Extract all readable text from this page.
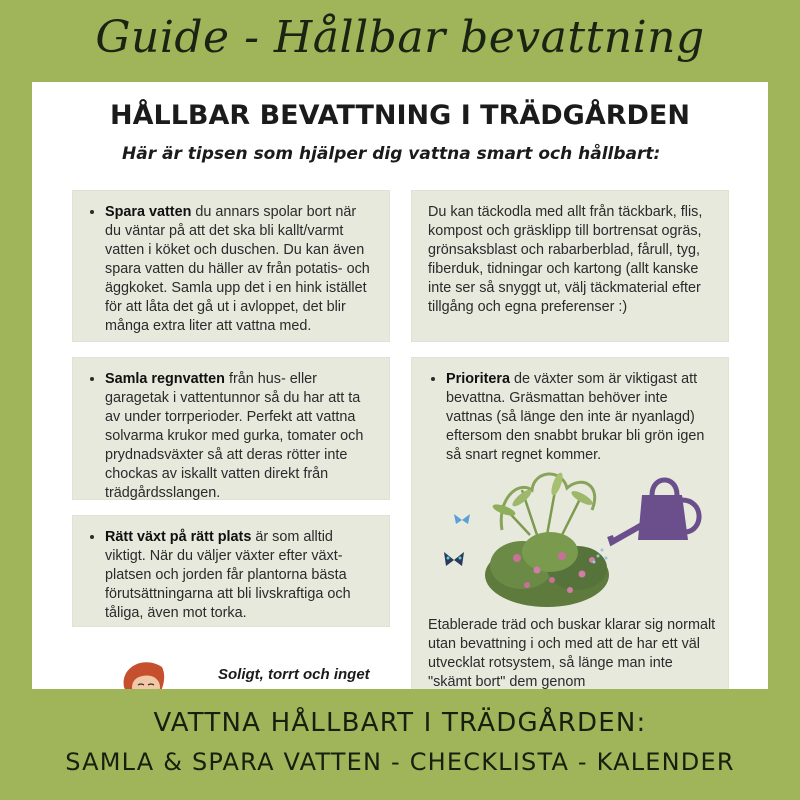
Guide - Hållbar bevattning
HÅLLBAR BEVATTNING I TRÄDGÅRDEN
Här är tipsen som hjälper dig vattna smart och hållbart:
• Spara vatten du annars spolar bort när du väntar på att det ska bli kallt/varmt vatten i köket och duschen. Du kan även spara vatten du häller av från potatis- och äggkoket. Samla upp det i en hink istället för att låta det gå ut i avloppet, det blir många extra liter att vattna med.
• Samla regnvatten från hus- eller garagetak i vattentunnor så du har att ta av under torrperioder. Perfekt att vattna solvarma krukor med gurka, tomater och prydnadsväxter så att deras rötter inte chockas av iskallt vatten direkt från trädgårdsslangen.
• Rätt växt på rätt plats är som alltid viktigt. När du väljer växter efter växt-platsen och jorden får plantorna bästa förutsättningarna att bli livskraftiga och tåliga, även mot torka.

Du kan täckodla med allt från täckbark, flis, kompost och gräsklipp till bortrensat ogräs, grönsaksblast och rabarberblad, fårull, tyg, fiberduk, tidningar och kartong (allt kanske inte ser så snyggt ut, välj täckmaterial efter tillgång och egna preferenser :)

• Prioritera de växter som är viktigast att bevattna. Gräsmattan behöver inte vattnas (så länge den inte är nyanlagd) eftersom den snabbt brukar bli grön igen så snart regnet kommer.

Etablerade träd och buskar klarar sig normalt utan bevattning i och med att de har ett väl utvecklat rotsystem, så länge man inte "skämt bort" dem genom

Soligt, torrt och inget
VATTNA HÅLLBART I TRÄDGÅRDEN:
SAMLA & SPARA VATTEN - CHECKLISTA - KALENDER
